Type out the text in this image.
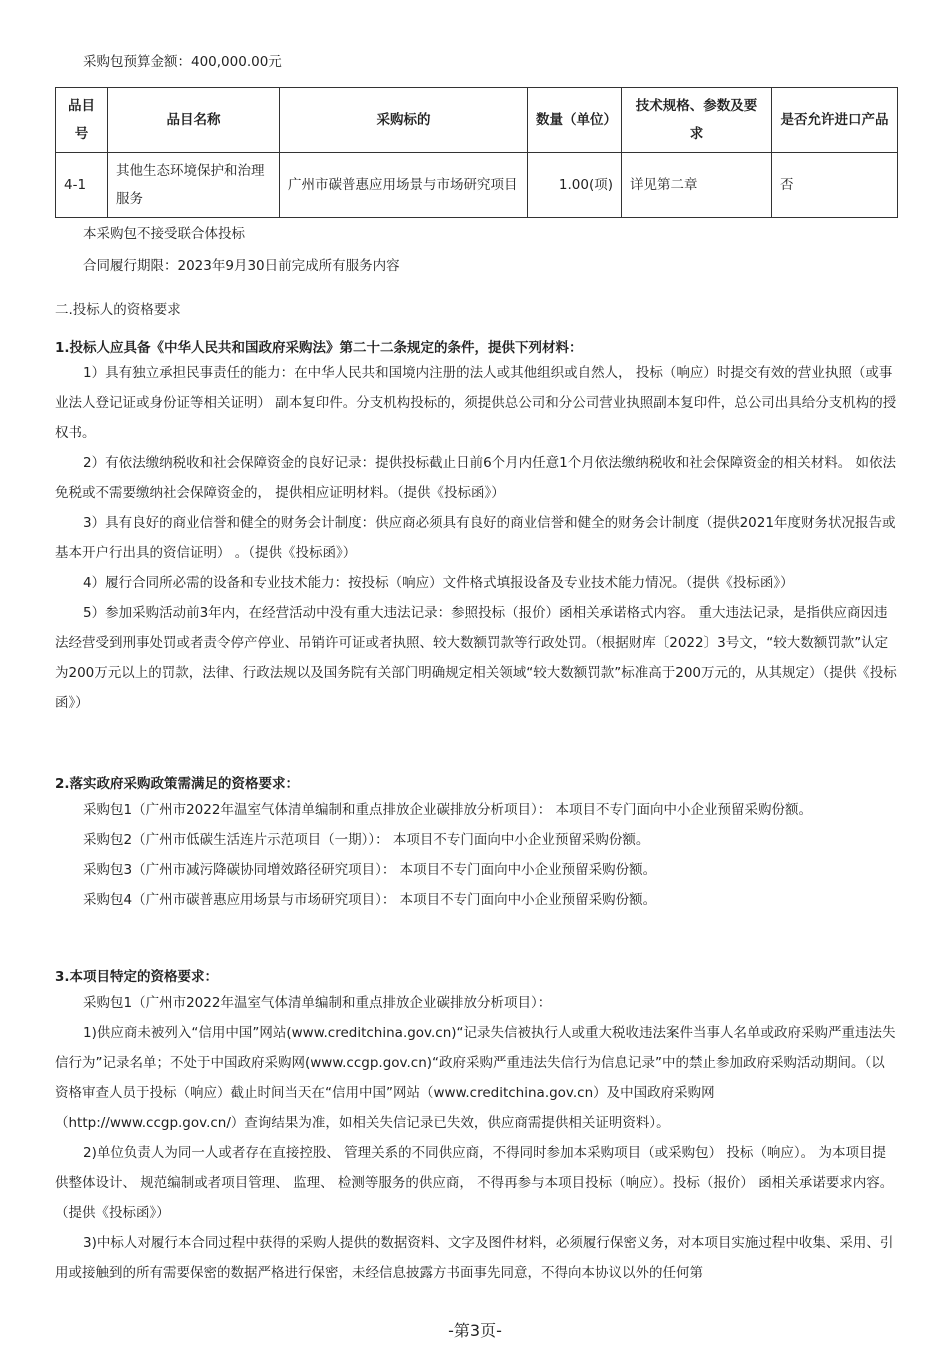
采购包预算金额：400,000.00元
品目号	品目名称	采购标的	数量（单位）	技术规格、参数及要求	是否允许进口产品
4-1	其他生态环境保护和治理服务	广州市碳普惠应用场景与市场研究项目	1.00(项)	详见第二章	否
本采购包不接受联合体投标
合同履行期限：2023年9月30日前完成所有服务内容
二.投标人的资格要求
1.投标人应具备《中华人民共和国政府采购法》第二十二条规定的条件，提供下列材料：

1）具有独立承担民事责任的能力：在中华人民共和国境内注册的法人或其他组织或自然人， 投标（响应）时提交有效的营业执照（或事业法人登记证或身份证等相关证明） 副本复印件。分支机构投标的，须提供总公司和分公司营业执照副本复印件，总公司出具给分支机构的授权书。

2）有依法缴纳税收和社会保障资金的良好记录：提供投标截止日前6个月内任意1个月依法缴纳税收和社会保障资金的相关材料。 如依法免税或不需要缴纳社会保障资金的， 提供相应证明材料。（提供《投标函》）

3）具有良好的商业信誉和健全的财务会计制度：供应商必须具有良好的商业信誉和健全的财务会计制度（提供2021年度财务状况报告或基本开户行出具的资信证明） 。（提供《投标函》）

4）履行合同所必需的设备和专业技术能力：按投标（响应）文件格式填报设备及专业技术能力情况。（提供《投标函》）

5）参加采购活动前3年内，在经营活动中没有重大违法记录：参照投标（报价）函相关承诺格式内容。 重大违法记录，是指供应商因违法经营受到刑事处罚或者责令停产停业、吊销许可证或者执照、较大数额罚款等行政处罚。（根据财库〔2022〕3号文，“较大数额罚款”认定为200万元以上的罚款，法律、行政法规以及国务院有关部门明确规定相关领域“较大数额罚款”标准高于200万元的，从其规定）（提供《投标函》）

2.落实政府采购政策需满足的资格要求：

采购包1（广州市2022年温室气体清单编制和重点排放企业碳排放分析项目）： 本项目不专门面向中小企业预留采购份额。

采购包2（广州市低碳生活连片示范项目（一期））： 本项目不专门面向中小企业预留采购份额。

采购包3（广州市减污降碳协同增效路径研究项目）： 本项目不专门面向中小企业预留采购份额。

采购包4（广州市碳普惠应用场景与市场研究项目）： 本项目不专门面向中小企业预留采购份额。

3.本项目特定的资格要求：

采购包1（广州市2022年温室气体清单编制和重点排放企业碳排放分析项目）：

1)供应商未被列入“信用中国”网站(www.creditchina.gov.cn)“记录失信被执行人或重大税收违法案件当事人名单或政府采购严重违法失信行为”记录名单；不处于中国政府采购网(www.ccgp.gov.cn)“政府采购严重违法失信行为信息记录”中的禁止参加政府采购活动期间。（以资格审查人员于投标（响应）截止时间当天在“信用中国”网站（www.creditchina.gov.cn）及中国政府采购网（http://www.ccgp.gov.cn/）查询结果为准，如相关失信记录已失效，供应商需提供相关证明资料）。

2)单位负责人为同一人或者存在直接控股、 管理关系的不同供应商，不得同时参加本采购项目（或采购包） 投标（响应）。 为本项目提供整体设计、 规范编制或者项目管理、 监理、 检测等服务的供应商， 不得再参与本项目投标（响应）。投标（报价） 函相关承诺要求内容。（提供《投标函》）

3)中标人对履行本合同过程中获得的采购人提供的数据资料、文字及图件材料，必须履行保密义务，对本项目实施过程中收集、采用、引用或接触到的所有需要保密的数据严格进行保密，未经信息披露方书面事先同意，不得向本协议以外的任何第

-第3页-
